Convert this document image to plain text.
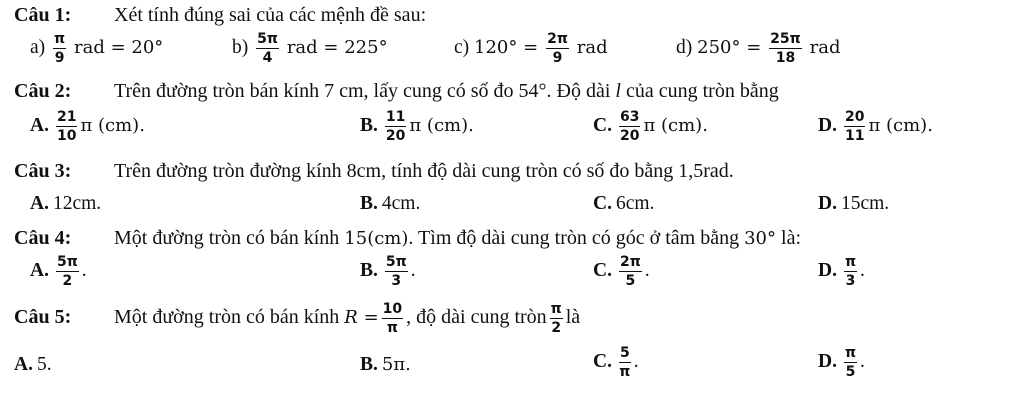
Câu 1: Xét tính đúng sai của các mệnh đề sau:
$a) \frac{\pi}{9}$ rad = 20°	$b) \frac{5\pi}{4}$ rad = 225°	c) $120^\circ = \frac{2\pi}{9}$ rad	d) $250^\circ = \frac{25\pi}{18}$ rad
Câu 2: Trên đường tròn bán kính 7 cm, lấy cung có số đo 54°. Độ dài l của cung tròn bằng
A. $\frac{21}{10}$ π (cm).	B. $\frac{11}{20}$ π (cm).	C. $\frac{63}{20}$ π (cm).	D. $\frac{20}{11}$ π (cm).
Câu 3: Trên đường tròn đường kính 8cm, tính độ dài cung tròn có số đo bằng 1,5rad.
A. 12cm.	B. 4cm.	C. 6cm.	D. 15cm.
Câu 4: Một đường tròn có bán kính 15(cm). Tìm độ dài cung tròn có góc ở tâm bằng 30° là:
A. $\frac{5\pi}{2}$ .	B. $\frac{5\pi}{3}$ .	C. $\frac{2\pi}{5}$ .	D. $\frac{\pi}{3}$ .
Câu 5: Một đường tròn có bán kính $R = \frac{10}{\pi}$ , độ dài cung tròn $\frac{\pi}{2}$ là
A. 5.	B. 5π.	C. $\frac{5}{\pi}$ .	D. $\frac{\pi}{5}$ .
